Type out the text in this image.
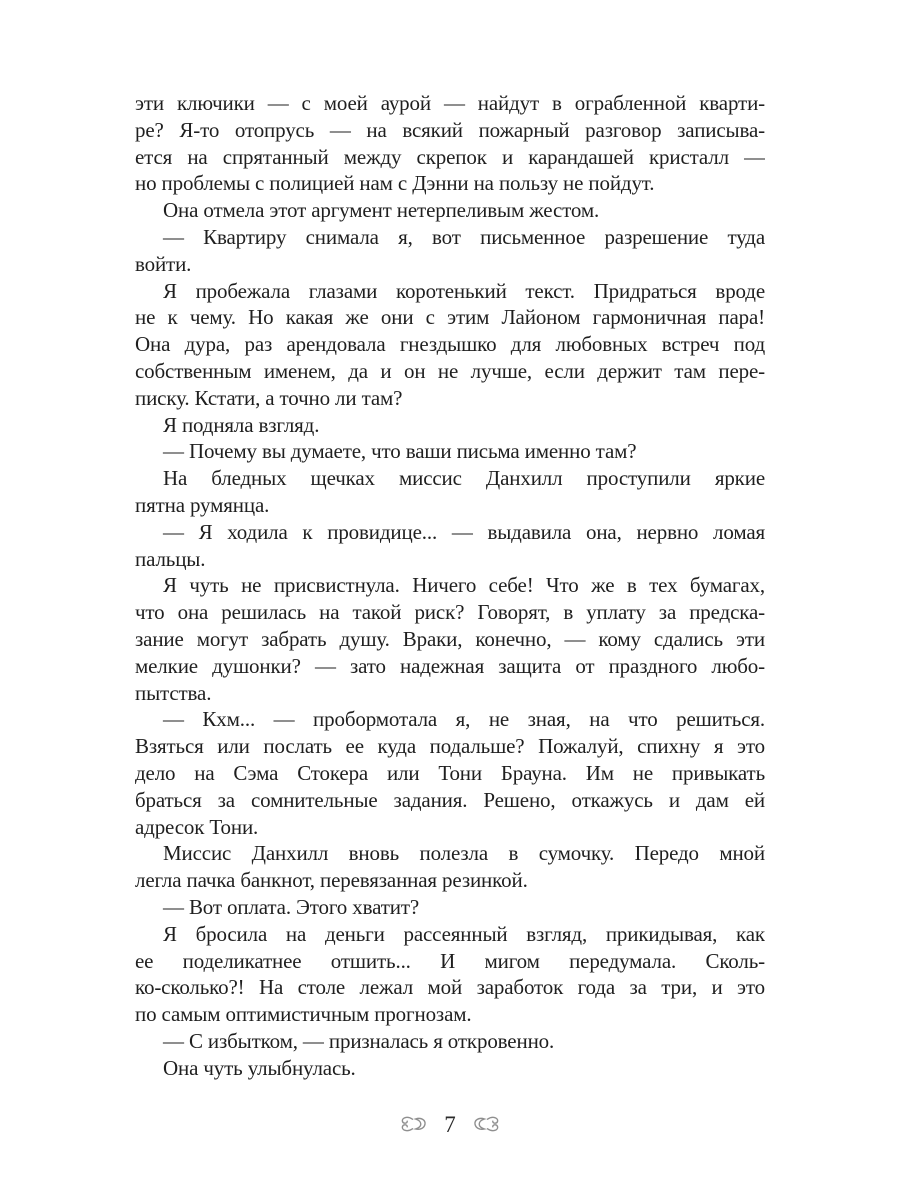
эти ключики — с моей аурой — найдут в ограбленной кварти-
ре? Я-то отопрусь — на всякий пожарный разговор записыва-
ется на спрятанный между скрепок и карандашей кристалл —
но проблемы с полицией нам с Дэнни на пользу не пойдут.
Она отмела этот аргумент нетерпеливым жестом.
— Квартиру снимала я, вот письменное разрешение туда
войти.
Я пробежала глазами коротенький текст. Придраться вроде
не к чему. Но какая же они с этим Лайоном гармоничная пара!
Она дура, раз арендовала гнездышко для любовных встреч под
собственным именем, да и он не лучше, если держит там пере-
писку. Кстати, а точно ли там?
Я подняла взгляд.
— Почему вы думаете, что ваши письма именно там?
На бледных щечках миссис Данхилл проступили яркие
пятна румянца.
— Я ходила к провидице... — выдавила она, нервно ломая
пальцы.
Я чуть не присвистнула. Ничего себе! Что же в тех бумагах,
что она решилась на такой риск? Говорят, в уплату за предска-
зание могут забрать душу. Враки, конечно, — кому сдались эти
мелкие душонки? — зато надежная защита от праздного любо-
пытства.
— Кхм... — пробормотала я, не зная, на что решиться.
Взяться или послать ее куда подальше? Пожалуй, спихну я это
дело на Сэма Стокера или Тони Брауна. Им не привыкать
браться за сомнительные задания. Решено, откажусь и дам ей
адресок Тони.
Миссис Данхилл вновь полезла в сумочку. Передо мной
легла пачка банкнот, перевязанная резинкой.
— Вот оплата. Этого хватит?
Я бросила на деньги рассеянный взгляд, прикидывая, как
ее поделикатнее отшить... И мигом передумала. Сколь-
ко-сколько?! На столе лежал мой заработок года за три, и это
по самым оптимистичным прогнозам.
— С избытком, — призналась я откровенно.
Она чуть улыбнулась.
7
